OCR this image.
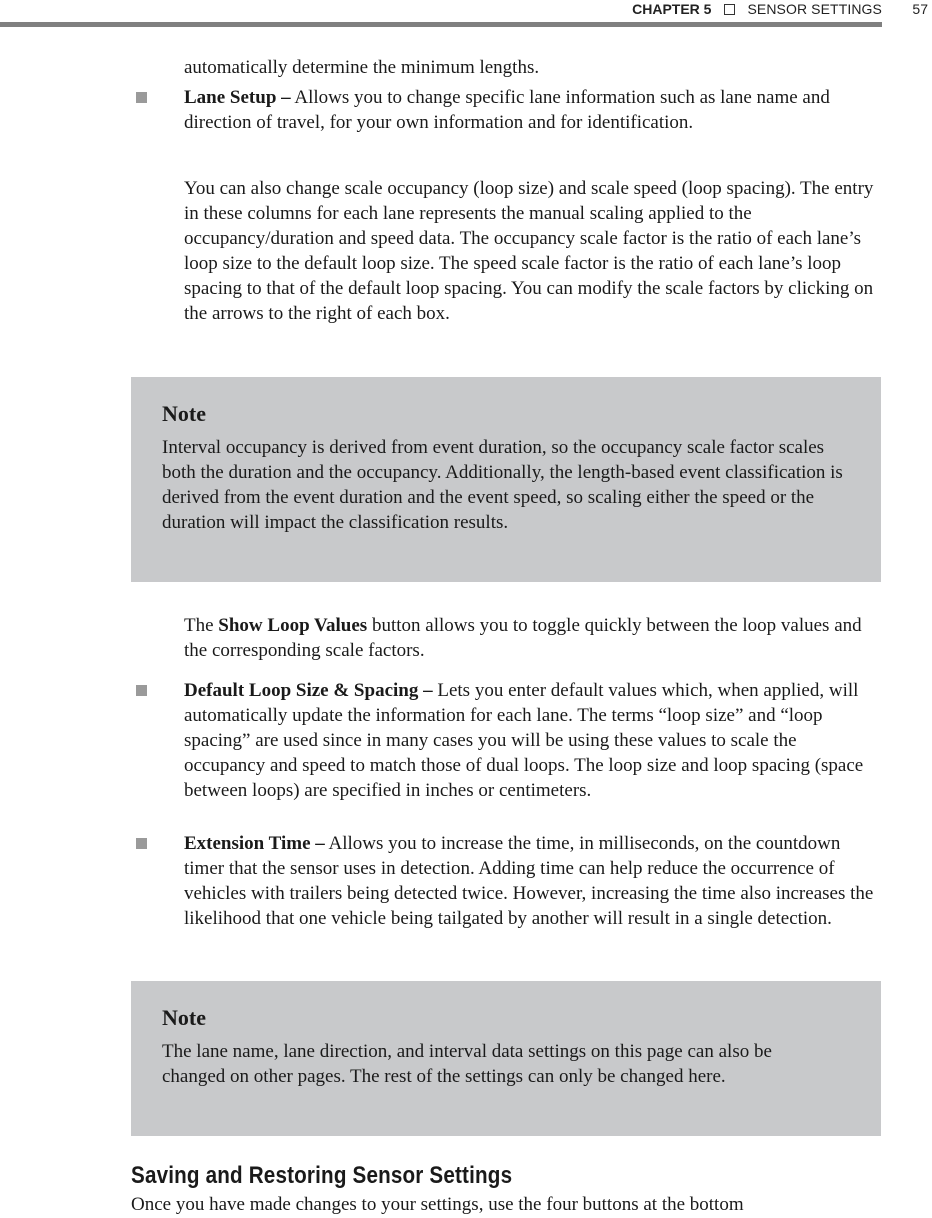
CHAPTER 5	SENSOR SETTINGS 57

automatically determine the minimum lengths.

Lane Setup – Allows you to change specific lane information such as lane name and direction of travel, for your own information and for identification.

You can also change scale occupancy (loop size) and scale speed (loop spacing). The entry in these columns for each lane represents the manual scaling applied to the occupancy/duration and speed data. The occupancy scale factor is the ratio of each lane’s loop size to the default loop size. The speed scale factor is the ratio of each lane’s loop spacing to that of the default loop spacing. You can modify the scale factors by clicking on the arrows to the right of each box.

Note

Interval occupancy is derived from event duration, so the occupancy scale factor scales both the duration and the occupancy. Additionally, the length-based event classification is derived from the event duration and the event speed, so scaling either the speed or the duration will impact the classification results.

The Show Loop Values button allows you to toggle quickly between the loop values and the corresponding scale factors.

Default Loop Size & Spacing – Lets you enter default values which, when applied, will automatically update the information for each lane. The terms “loop size” and “loop spacing” are used since in many cases you will be using these values to scale the occupancy and speed to match those of dual loops. The loop size and loop spacing (space between loops) are specified in inches or centimeters.

Extension Time – Allows you to increase the time, in milliseconds, on the countdown timer that the sensor uses in detection. Adding time can help reduce the occurrence of vehicles with trailers being detected twice. However, increasing the time also increases the likelihood that one vehicle being tailgated by another will result in a single detection.

Note

The lane name, lane direction, and interval data settings on this page can also be changed on other pages. The rest of the settings can only be changed here.

Saving and Restoring Sensor Settings

Once you have made changes to your settings, use the four buttons at the bottom
